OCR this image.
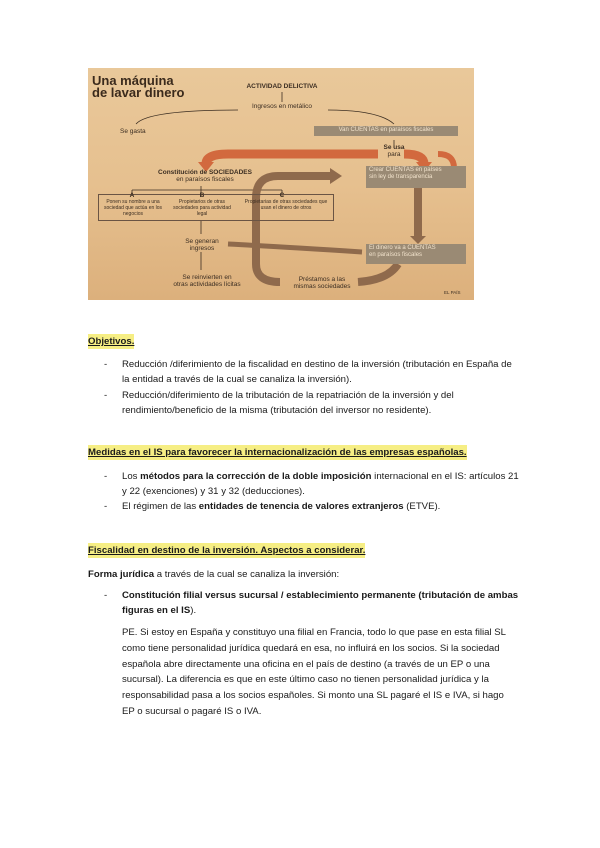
Una máquina
de lavar dinero	ACTIVIDAD DELICTIVA
Ingresos en metálico
Se gasta	Van CUENTAS en paraísos fiscales
Se usa
para
Constitución de SOCIEDADES
en paraísos fiscales
Crear CUENTAS en países
sin ley de transparencia
A
Ponen su nombre a una sociedad que actúa en los negocios
B
Propietarios de otras sociedades para actividad legal
C
Propietarias de otras sociedades que usan el dinero de otros
Se generan
ingresos	El dinero va a CUENTAS
en paraísos fiscales
Se reinvierten en
otras actividades lícitas
Préstamos a las
mismas sociedades
EL PAÍS
Objetivos.
- Reducción /diferimiento de la fiscalidad en destino de la inversión (tributación en España de la entidad a través de la cual se canaliza la inversión).
- Reducción/diferimiento de la tributación de la repatriación de la inversión y del rendimiento/beneficio de la misma (tributación del inversor no residente).
Medidas en el IS para favorecer la internacionalización de las empresas españolas.
- Los métodos para la corrección de la doble imposición internacional en el IS: artículos 21 y 22 (exenciones) y 31 y 32 (deducciones).
- El régimen de las entidades de tenencia de valores extranjeros (ETVE).
Fiscalidad en destino de la inversión. Aspectos a considerar.
Forma jurídica a través de la cual se canaliza la inversión:
- Constitución filial versus sucursal / establecimiento permanente (tributación de ambas figuras en el IS).
PE. Si estoy en España y constituyo una filial en Francia, todo lo que pase en esta filial SL como tiene personalidad jurídica quedará en esa, no influirá en los socios. Si la sociedad española abre directamente una oficina en el país de destino (a través de un EP o una sucursal). La diferencia es que en este último caso no tienen personalidad jurídica y la responsabilidad pasa a los socios españoles. Si monto una SL pagaré el IS e IVA, si hago EP o sucursal o pagaré IS o IVA.
